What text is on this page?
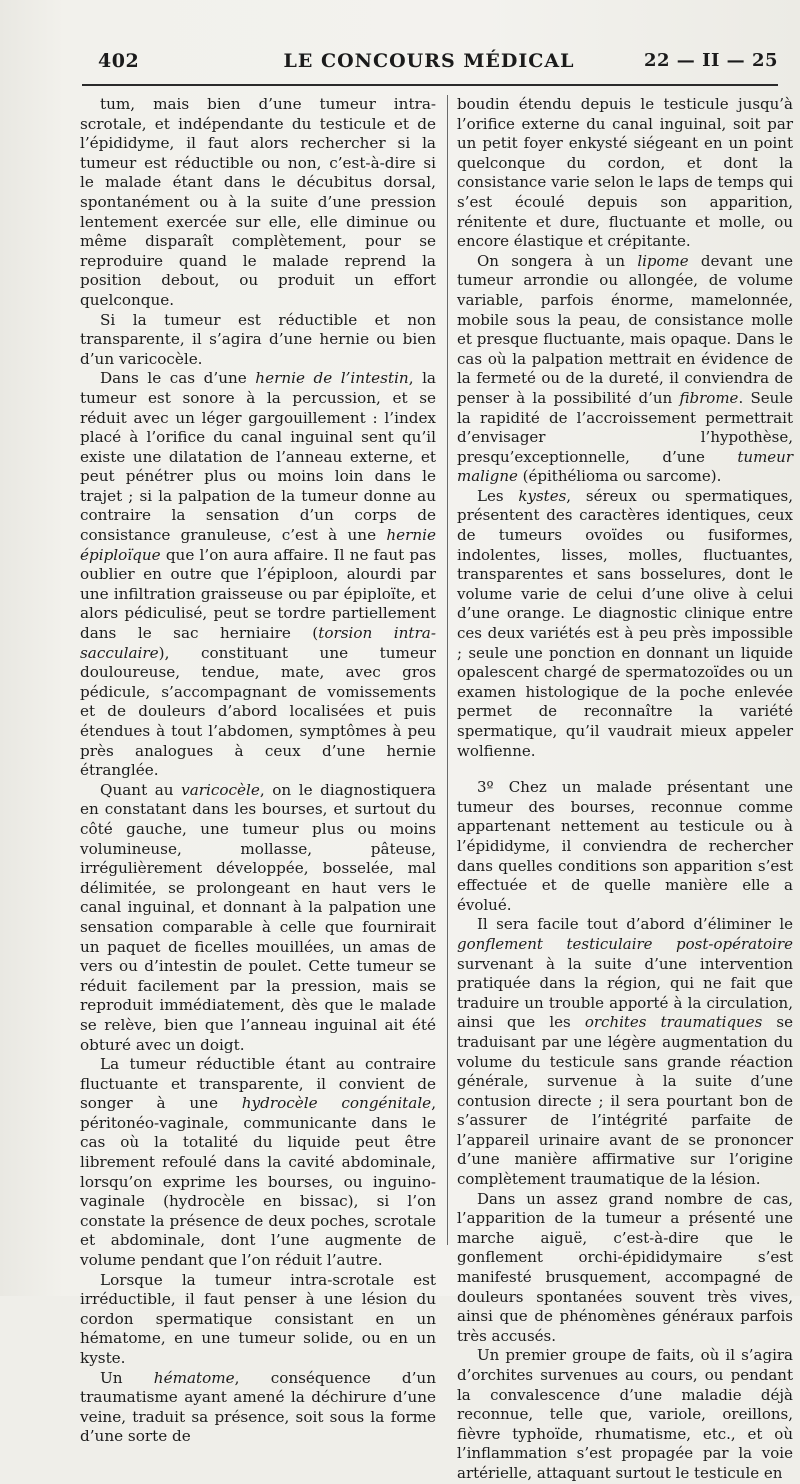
402	LE CONCOURS MÉDICAL	22 — II — 25

tum, mais bien d’une tumeur intra-scrotale, et indépendante du testicule et de l’épididyme, il faut alors rechercher si la tumeur est réductible ou non, c’est-à-dire si le malade étant dans le décubitus dorsal, spontanément ou à la suite d’une pression lentement exercée sur elle, elle diminue ou même disparaît complètement, pour se reproduire quand le malade reprend la position debout, ou produit un effort quelconque.

Si la tumeur est réductible et non transparente, il s’agira d’une hernie ou bien d’un varicocèle.

Dans le cas d’une hernie de l’intestin, la tumeur est sonore à la percussion, et se réduit avec un léger gargouillement : l’index placé à l’orifice du canal inguinal sent qu’il existe une dilatation de l’anneau externe, et peut pénétrer plus ou moins loin dans le trajet ; si la palpation de la tumeur donne au contraire la sensation d’un corps de consistance granuleuse, c’est à une hernie épiploïque que l’on aura affaire. Il ne faut pas oublier en outre que l’épiploon, alourdi par une infiltration graisseuse ou par épiploïte, et alors pédiculisé, peut se tordre partiellement dans le sac herniaire (torsion intra-sacculaire), constituant une tumeur douloureuse, tendue, mate, avec gros pédicule, s’accompagnant de vomissements et de douleurs d’abord localisées et puis étendues à tout l’abdomen, symptômes à peu près analogues à ceux d’une hernie étranglée.

Quant au varicocèle, on le diagnostiquera en constatant dans les bourses, et surtout du côté gauche, une tumeur plus ou moins volumineuse, mollasse, pâteuse, irrégulièrement développée, bosselée, mal délimitée, se prolongeant en haut vers le canal inguinal, et donnant à la palpation une sensation comparable à celle que fournirait un paquet de ficelles mouillées, un amas de vers ou d’intestin de poulet. Cette tumeur se réduit facilement par la pression, mais se reproduit immédiatement, dès que le malade se relève, bien que l’anneau inguinal ait été obturé avec un doigt.

La tumeur réductible étant au contraire fluctuante et transparente, il convient de songer à une hydrocèle congénitale, péritonéo-vaginale, communicante dans le cas où la totalité du liquide peut être librement refoulé dans la cavité abdominale, lorsqu’on exprime les bourses, ou inguino-vaginale (hydrocèle en bissac), si l’on constate la présence de deux poches, scrotale et abdominale, dont l’une augmente de volume pendant que l’on réduit l’autre.

Lorsque la tumeur intra-scrotale est irréductible, il faut penser à une lésion du cordon spermatique consistant en un hématome, en une tumeur solide, ou en un kyste.

Un hématome, conséquence d’un traumatisme ayant amené la déchirure d’une veine, traduit sa présence, soit sous la forme d’une sorte de

boudin étendu depuis le testicule jusqu’à l’orifice externe du canal inguinal, soit par un petit foyer enkysté siégeant en un point quelconque du cordon, et dont la consistance varie selon le laps de temps qui s’est écoulé depuis son apparition, rénitente et dure, fluctuante et molle, ou encore élastique et crépitante.

On songera à un lipome devant une tumeur arrondie ou allongée, de volume variable, parfois énorme, mamelonnée, mobile sous la peau, de consistance molle et presque fluctuante, mais opaque. Dans le cas où la palpation mettrait en évidence de la fermeté ou de la dureté, il conviendra de penser à la possibilité d’un fibrome. Seule la rapidité de l’accroissement permettrait d’envisager l’hypothèse, presqu’exceptionnelle, d’une tumeur maligne (épithélioma ou sarcome).

Les kystes, séreux ou spermatiques, présentent des caractères identiques, ceux de tumeurs ovoïdes ou fusiformes, indolentes, lisses, molles, fluctuantes, transparentes et sans bosselures, dont le volume varie de celui d’une olive à celui d’une orange. Le diagnostic clinique entre ces deux variétés est à peu près impossible ; seule une ponction en donnant un liquide opalescent chargé de spermatozoïdes ou un examen histologique de la poche enlevée permet de reconnaître la variété spermatique, qu’il vaudrait mieux appeler wolfienne.

3º Chez un malade présentant une tumeur des bourses, reconnue comme appartenant nettement au testicule ou à l’épididyme, il conviendra de rechercher dans quelles conditions son apparition s’est effectuée et de quelle manière elle a évolué.

Il sera facile tout d’abord d’éliminer le gonflement testiculaire post-opératoire survenant à la suite d’une intervention pratiquée dans la région, qui ne fait que traduire un trouble apporté à la circulation, ainsi que les orchites traumatiques se traduisant par une légère augmentation du volume du testicule sans grande réaction générale, survenue à la suite d’une contusion directe ; il sera pourtant bon de s’assurer de l’intégrité parfaite de l’appareil urinaire avant de se prononcer d’une manière affirmative sur l’origine complètement traumatique de la lésion.

Dans un assez grand nombre de cas, l’apparition de la tumeur a présenté une marche aiguë, c’est-à-dire que le gonflement orchi-épididymaire s’est manifesté brusquement, accompagné de douleurs spontanées souvent très vives, ainsi que de phénomènes généraux parfois très accusés.

Un premier groupe de faits, où il s’agira d’orchites survenues au cours, ou pendant la convalescence d’une maladie déjà reconnue, telle que, variole, oreillons, fièvre typhoïde, rhumatisme, etc., et où l’inflammation s’est propagée par la voie artérielle, attaquant surtout le testicule en
